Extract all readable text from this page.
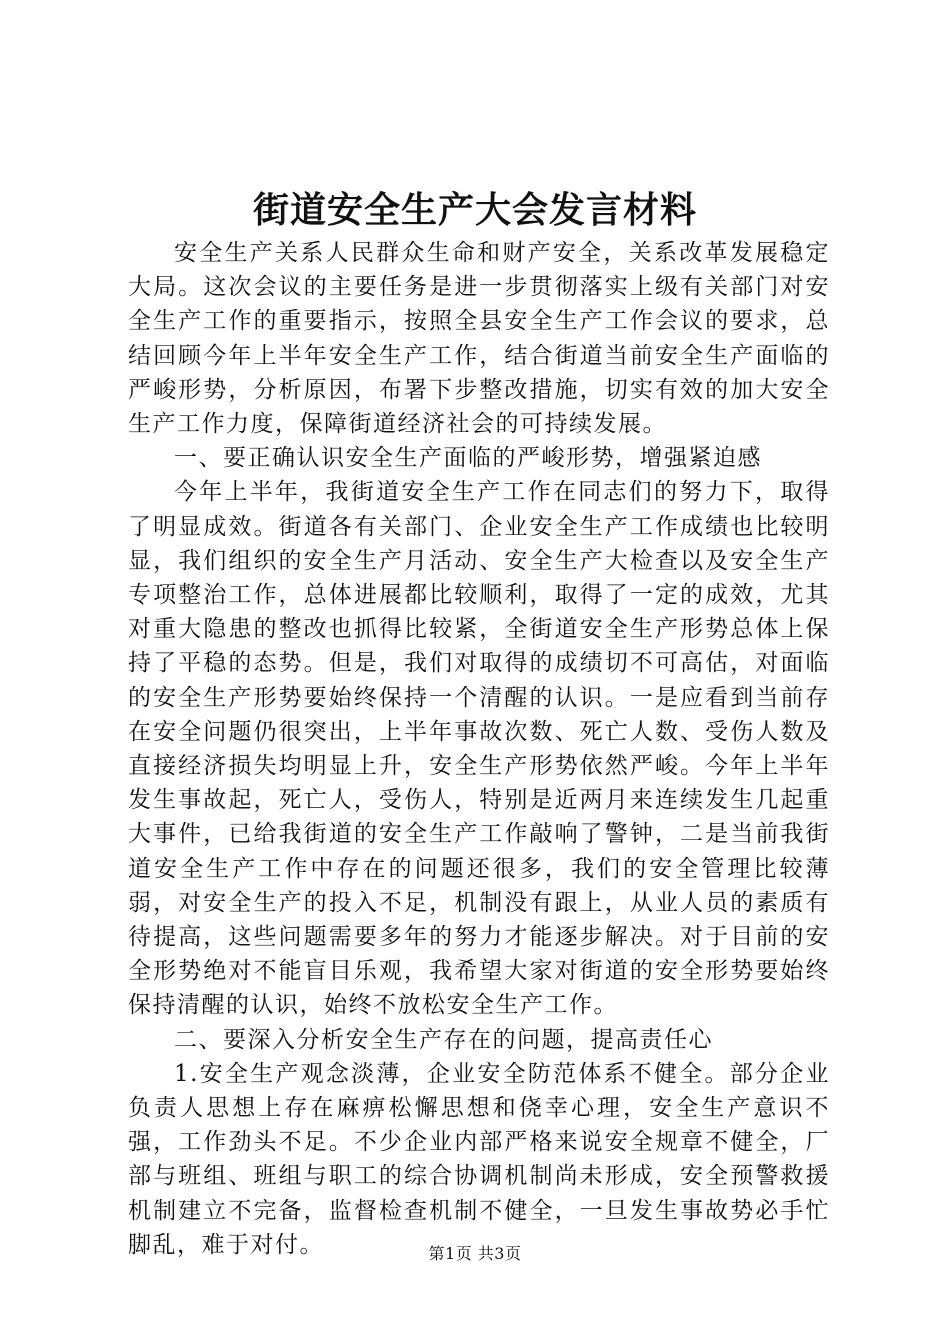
街道安全生产大会发言材料

安全生产关系人民群众生命和财产安全，关系改革发展稳定大局。这次会议的主要任务是进一步贯彻落实上级有关部门对安全生产工作的重要指示，按照全县安全生产工作会议的要求，总结回顾今年上半年安全生产工作，结合街道当前安全生产面临的严峻形势，分析原因，布署下步整改措施，切实有效的加大安全生产工作力度，保障街道经济社会的可持续发展。

一、要正确认识安全生产面临的严峻形势，增强紧迫感

今年上半年，我街道安全生产工作在同志们的努力下，取得了明显成效。街道各有关部门、企业安全生产工作成绩也比较明显，我们组织的安全生产月活动、安全生产大检查以及安全生产专项整治工作，总体进展都比较顺利，取得了一定的成效，尤其对重大隐患的整改也抓得比较紧，全街道安全生产形势总体上保持了平稳的态势。但是，我们对取得的成绩切不可高估，对面临的安全生产形势要始终保持一个清醒的认识。一是应看到当前存在安全问题仍很突出，上半年事故次数、死亡人数、受伤人数及直接经济损失均明显上升，安全生产形势依然严峻。今年上半年发生事故起，死亡人，受伤人，特别是近两月来连续发生几起重大事件，已给我街道的安全生产工作敲响了警钟，二是当前我街道安全生产工作中存在的问题还很多，我们的安全管理比较薄弱，对安全生产的投入不足，机制没有跟上，从业人员的素质有待提高，这些问题需要多年的努力才能逐步解决。对于目前的安全形势绝对不能盲目乐观，我希望大家对街道的安全形势要始终保持清醒的认识，始终不放松安全生产工作。

二、要深入分析安全生产存在的问题，提高责任心

1.安全生产观念淡薄，企业安全防范体系不健全。部分企业负责人思想上存在麻痹松懈思想和侥幸心理，安全生产意识不强，工作劲头不足。不少企业内部严格来说安全规章不健全，厂部与班组、班组与职工的综合协调机制尚未形成，安全预警救援机制建立不完备，监督检查机制不健全，一旦发生事故势必手忙脚乱，难于对付。	第1页 共3页
